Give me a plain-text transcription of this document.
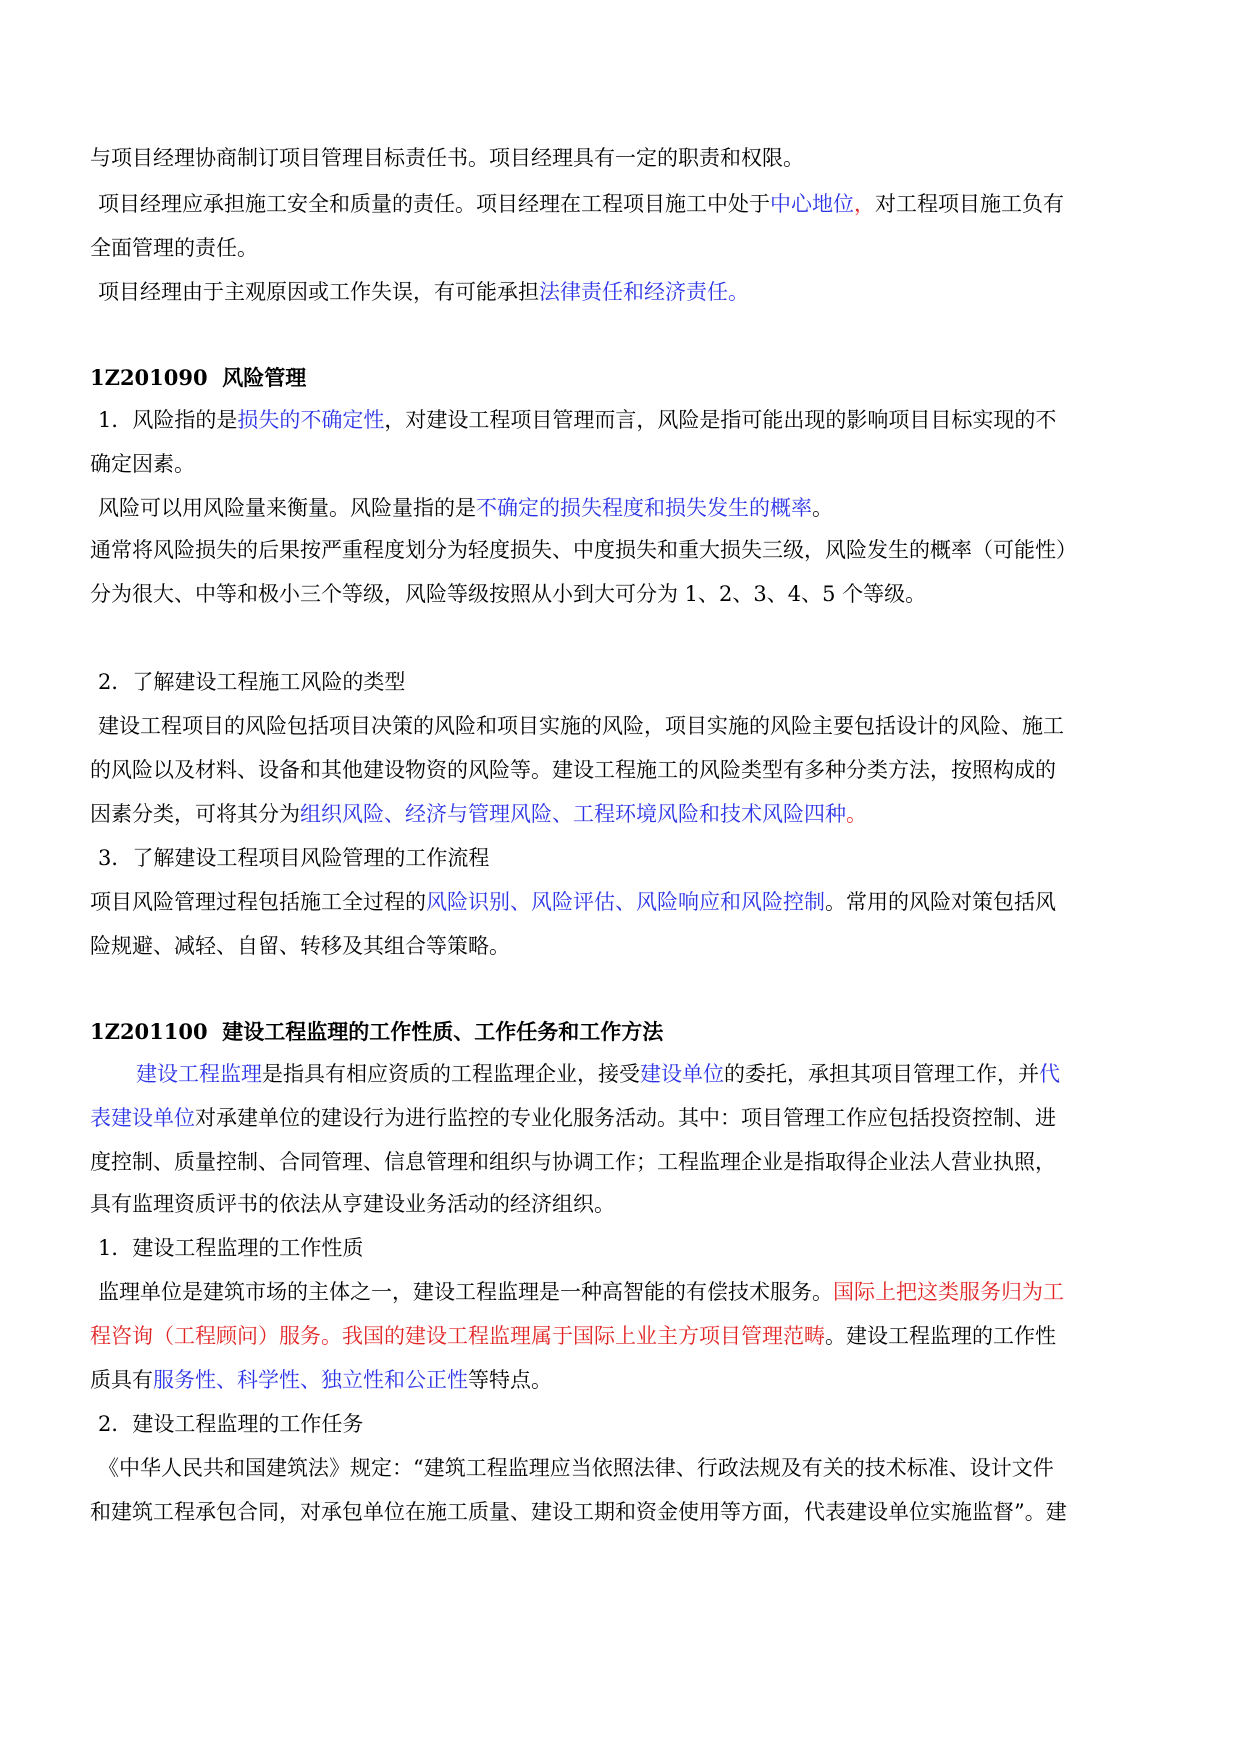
与项目经理协商制订项目管理目标责任书。项目经理具有一定的职责和权限。
项目经理应承担施工安全和质量的责任。项目经理在工程项目施工中处于中心地位，对工程项目施工负有
全面管理的责任。
项目经理由于主观原因或工作失误，有可能承担法律责任和经济责任。
1Z201090 风险管理
1．风险指的是损失的不确定性，对建设工程项目管理而言，风险是指可能出现的影响项目目标实现的不
确定因素。
风险可以用风险量来衡量。风险量指的是不确定的损失程度和损失发生的概率。
通常将风险损失的后果按严重程度划分为轻度损失、中度损失和重大损失三级，风险发生的概率（可能性）
分为很大、中等和极小三个等级，风险等级按照从小到大可分为 1、2、3、4、5 个等级。
2．了解建设工程施工风险的类型
建设工程项目的风险包括项目决策的风险和项目实施的风险，项目实施的风险主要包括设计的风险、施工
的风险以及材料、设备和其他建设物资的风险等。建设工程施工的风险类型有多种分类方法，按照构成的
因素分类，可将其分为组织风险、经济与管理风险、工程环境风险和技术风险四种。
3．了解建设工程项目风险管理的工作流程
项目风险管理过程包括施工全过程的风险识别、风险评估、风险响应和风险控制。常用的风险对策包括风
险规避、减轻、自留、转移及其组合等策略。
1Z201100 建设工程监理的工作性质、工作任务和工作方法
建设工程监理是指具有相应资质的工程监理企业，接受建设单位的委托，承担其项目管理工作，并代
表建设单位对承建单位的建设行为进行监控的专业化服务活动。其中：项目管理工作应包括投资控制、进
度控制、质量控制、合同管理、信息管理和组织与协调工作；工程监理企业是指取得企业法人营业执照，
具有监理资质评书的依法从亨建设业务活动的经济组织。
1．建设工程监理的工作性质
监理单位是建筑市场的主体之一，建设工程监理是一种高智能的有偿技术服务。国际上把这类服务归为工
程咨询（工程顾问）服务。我国的建设工程监理属于国际上业主方项目管理范畴。建设工程监理的工作性
质具有服务性、科学性、独立性和公正性等特点。
2．建设工程监理的工作任务
《中华人民共和国建筑法》规定：“建筑工程监理应当依照法律、行政法规及有关的技术标准、设计文件
和建筑工程承包合同，对承包单位在施工质量、建设工期和资金使用等方面，代表建设单位实施监督”。建
